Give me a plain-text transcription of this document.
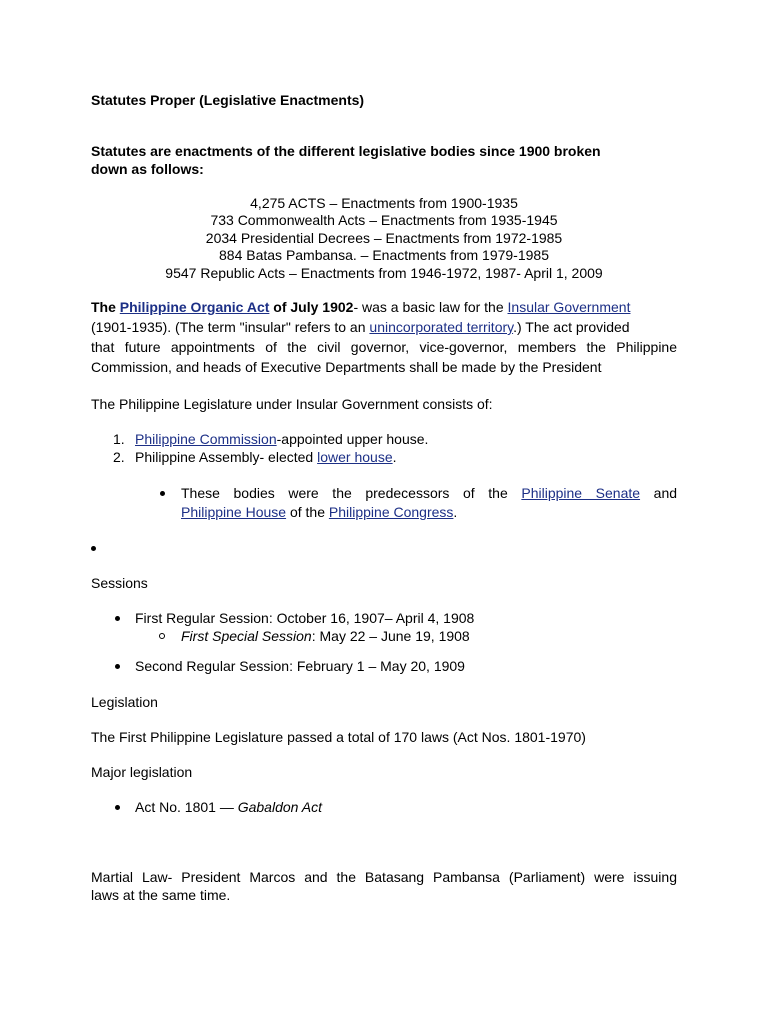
Statutes Proper (Legislative Enactments)
Statutes are enactments of the different legislative bodies since 1900 broken
down as follows:
4,275 ACTS – Enactments from 1900-1935
733 Commonwealth Acts – Enactments from 1935-1945
2034 Presidential Decrees – Enactments from 1972-1985
884 Batas Pambansa. – Enactments from 1979-1985
9547 Republic Acts – Enactments from 1946-1972, 1987- April 1, 2009
The Philippine Organic Act of July 1902- was a basic law for the Insular Government
(1901-1935). (The term "insular" refers to an unincorporated territory.) The act provided
that future appointments of the civil governor, vice-governor, members the Philippine
Commission, and heads of Executive Departments shall be made by the President
The Philippine Legislature under Insular Government consists of:
1. Philippine Commission-appointed upper house.
2. Philippine Assembly- elected lower house.
These bodies were the predecessors of the Philippine Senate and
Philippine House of the Philippine Congress.
Sessions
First Regular Session: October 16, 1907– April 4, 1908
First Special Session: May 22 – June 19, 1908
Second Regular Session: February 1 – May 20, 1909
Legislation
The First Philippine Legislature passed a total of 170 laws (Act Nos. 1801-1970)
Major legislation
Act No. 1801 — Gabaldon Act
Martial Law- President Marcos and the Batasang Pambansa (Parliament) were issuing
laws at the same time.
